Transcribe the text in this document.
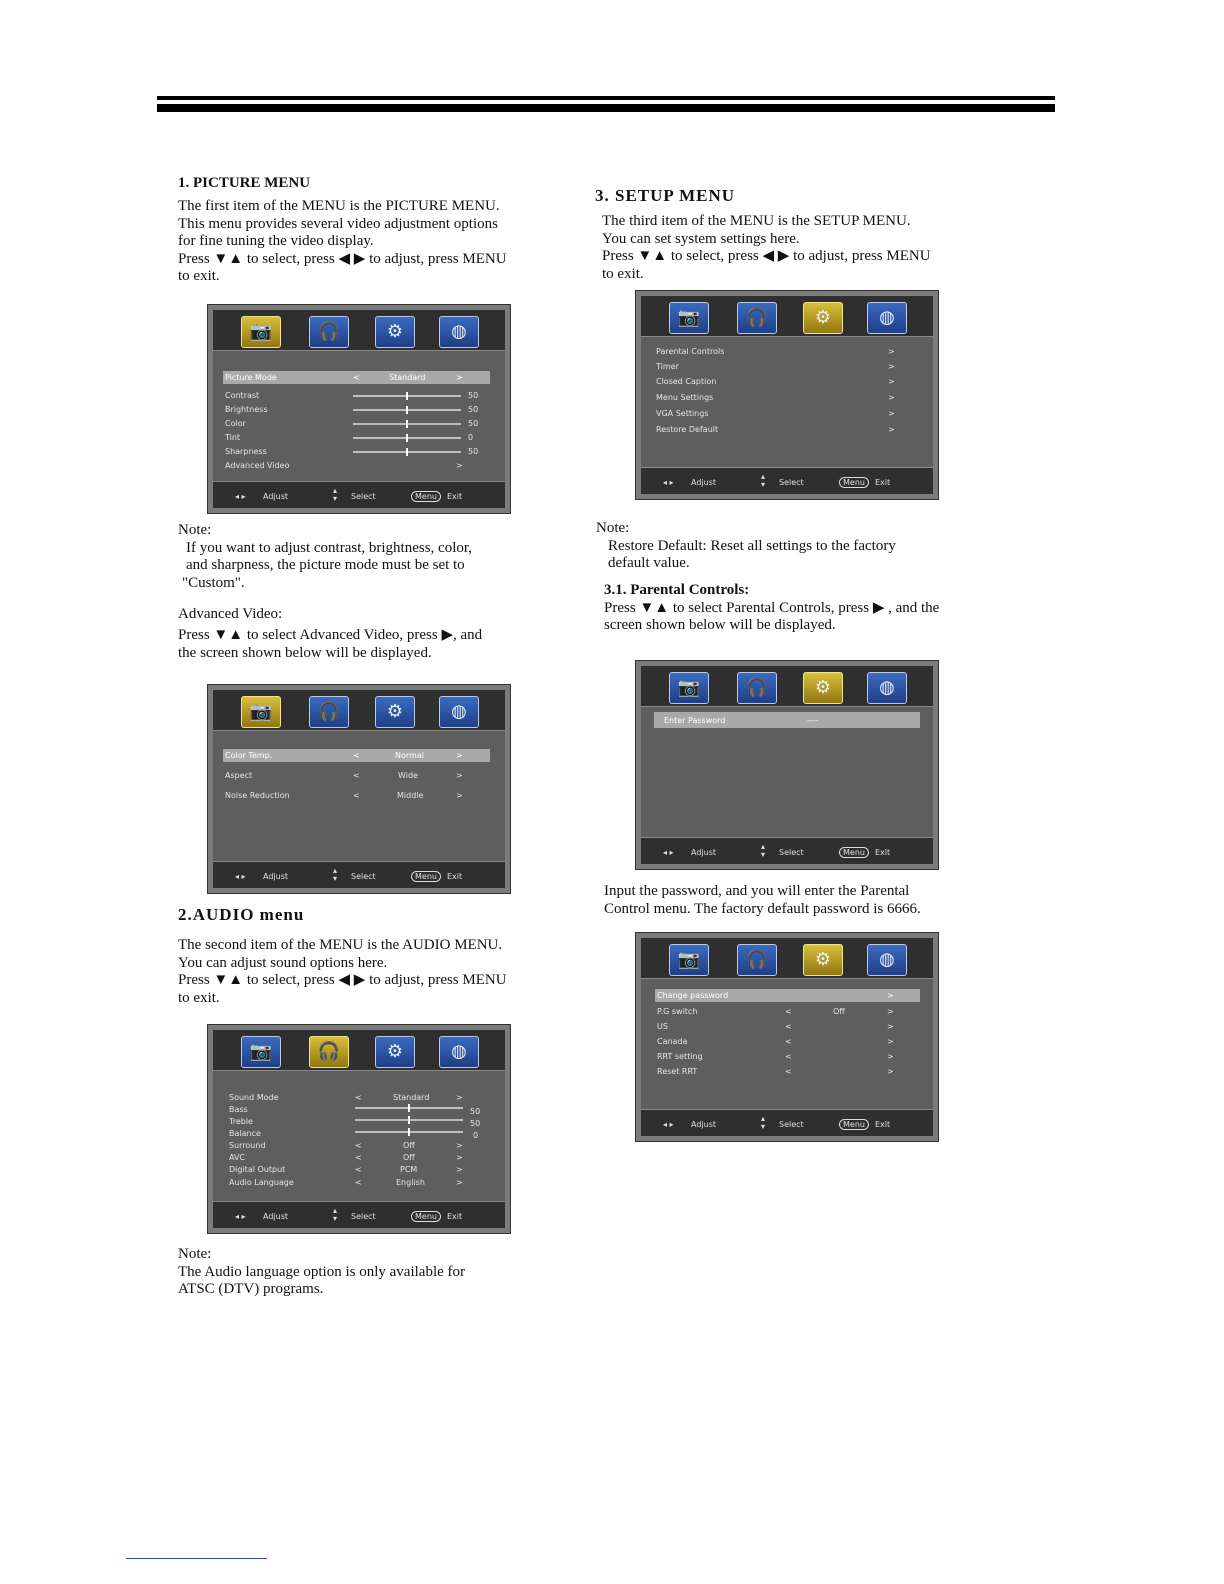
1. PICTURE MENU

The first item of the MENU is the PICTURE MENU.

This menu provides several video adjustment options

for fine tuning the video display.

Press ▼▲ to select, press ◀ ▶ to adjust, press MENU

to exit.

📷	🎧	⚙	◍
Picture Mode	<	Standard	>
Contrast	50
Brightness	50
Color	50
Tint	0
Sharpness	50
Advanced Video	>
◂ ▸ Adjust
▴
▾ Select	Menu	Exit

Note:

If you want to adjust contrast, brightness, color,

and sharpness, the picture mode must be set to

"Custom".

Advanced Video:

Press ▼▲ to select Advanced Video, press ▶, and

the screen shown below will be displayed.

📷	🎧	⚙	◍
Color Temp.	<	Normal	>
Aspect	<	Wide	>
Noise Reduction	<	Middle	>
◂ ▸ Adjust
▴
▾ Select	Menu	Exit

2.AUDIO menu

The second item of the MENU is the AUDIO MENU.

You can adjust sound options here.

Press ▼▲ to select, press ◀ ▶ to adjust, press MENU

to exit.

📷	🎧	⚙	◍
Sound Mode	<	Standard	>
Bass	50
Treble	50
Balance	0
Surround	<	Off	>
AVC	<	Off	>
Digital Output	<	PCM	>
Audio Language	<	English	>
◂ ▸ Adjust
▴
▾ Select	Menu	Exit

Note:

The Audio language option is only available for

ATSC (DTV) programs.

3. SETUP MENU

The third item of the MENU is the SETUP MENU.

You can set system settings here.

Press ▼▲ to select, press ◀ ▶ to adjust, press MENU

to exit.

📷	🎧	⚙	◍
Parental Controls	>
Timer	>
Closed Caption	>
Menu Settings	>
VGA Settings	>
Restore Default	>
◂ ▸ Adjust
▴
▾ Select	Menu	Exit

Note:

Restore Default: Reset all settings to the factory

default value.

3.1. Parental Controls:

Press ▼▲ to select Parental Controls, press ▶ , and the

screen shown below will be displayed.

📷	🎧	⚙	◍
Enter Password	----
◂ ▸ Adjust
▴
▾ Select	Menu	Exit

Input the password, and you will enter the Parental

Control menu. The factory default password is 6666.

📷	🎧	⚙	◍
Change password	>
P.G switch	<	Off	>
US	<	>
Canada	<	>
RRT setting	<	>
Reset RRT	<	>
◂ ▸ Adjust
▴
▾ Select	Menu	Exit
